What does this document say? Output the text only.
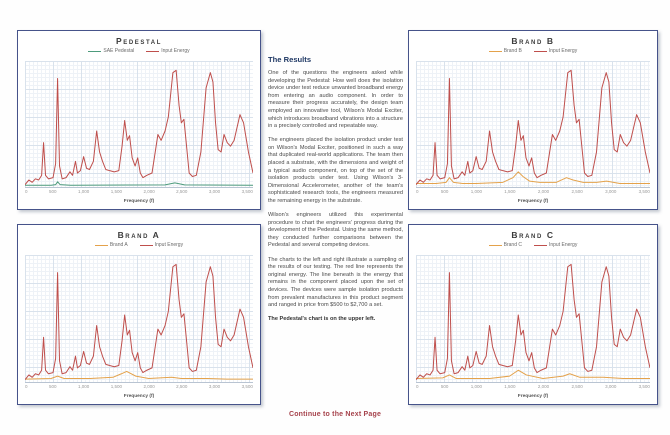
Pedestal
SAE Pedestal	Input Energy
0	500	1,000	1,500	2,000	2,500	3,000	3,500
Frequency (f)
Brand B
Brand B	Input Energy
0	500	1,000	1,500	2,000	2,500	3,000	3,500
Frequency (f)
Brand A
Brand A	Input Energy
0	500	1,000	1,500	2,000	2,500	3,000	3,500
Frequency (f)
Brand C
Brand C	Input Energy
0	500	1,000	1,500	2,000	2,500	3,000	3,500
Frequency (f)
The Results

One of the questions the engineers asked while developing the Pedestal: How well does the isolation device under test reduce unwanted broadband energy from entering an audio component. In order to measure their progress accurately, the design team employed an innovative tool, Wilson's Modal Exciter, which introduces broadband vibrations into a structure in a precisely controlled and repeatable way.

The engineers placed the isolation product under test on Wilson's Modal Exciter, positioned in such a way that duplicated real-world applications. The team then placed a substrate, with the dimensions and weight of a typical audio component, on top of the set of the isolation products under test. Using Wilson's 3-Dimensional Accelerometer, another of the team's sophisticated research tools, the engineers measured the remaining energy in the substrate.

Wilson's engineers utilized this experimental procedure to chart the engineers' progress during the development of the Pedestal. Using the same method, they conducted further comparisons between the Pedestal and several competing devices.

The charts to the left and right illustrate a sampling of the results of our testing. The red line represents the original energy. The line beneath is the energy that remains in the component placed upon the set of devices. The devices were sample isolation products from prevalent manufactures in this product segment and ranged in price from $500 to $2,700 a set.

The Pedestal's chart is on the upper left.

Continue to the Next Page
